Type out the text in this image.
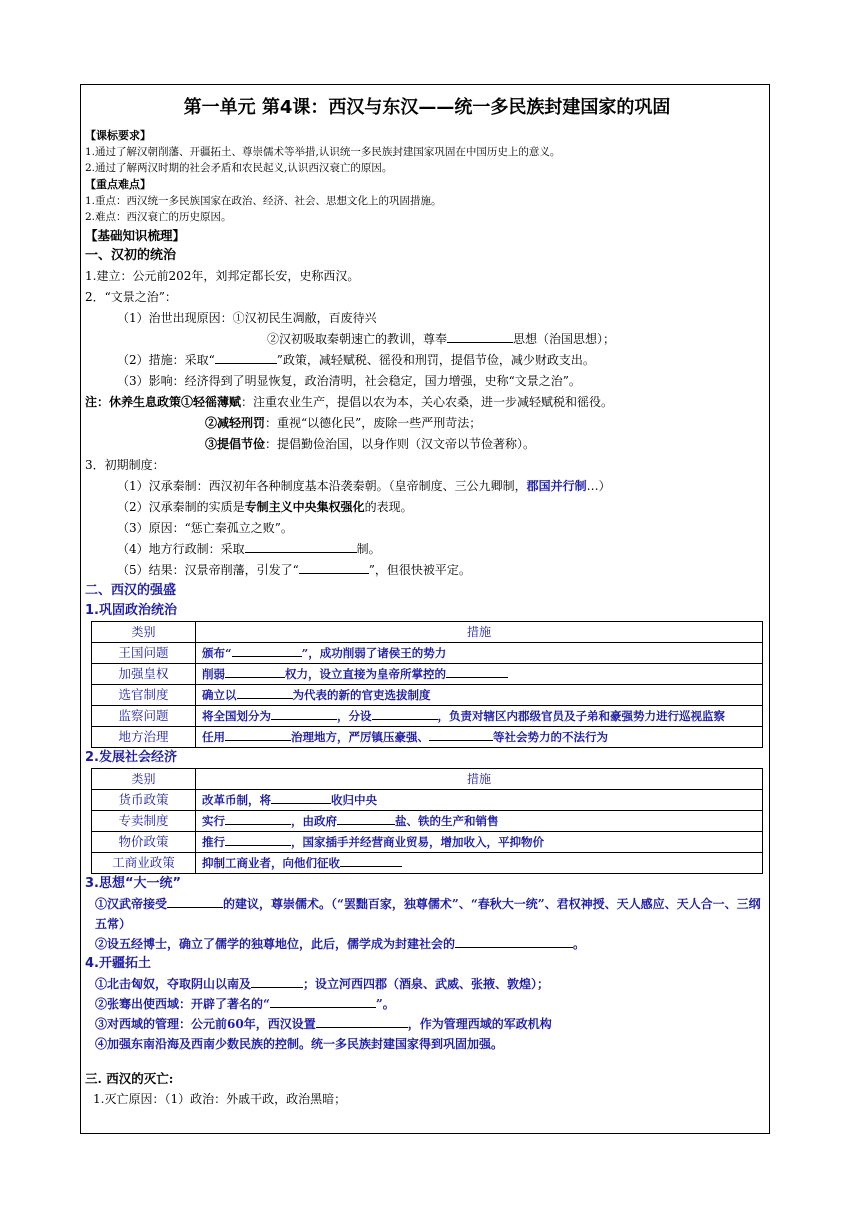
第一单元 第4课：西汉与东汉——统一多民族封建国家的巩固
【课标要求】
1.通过了解汉朝削藩、开疆拓土、尊崇儒术等举措,认识统一多民族封建国家巩固在中国历史上的意义。
2.通过了解两汉时期的社会矛盾和农民起义,认识西汉衰亡的原因。
【重点难点】
1.重点：西汉统一多民族国家在政治、经济、社会、思想文化上的巩固措施。
2.难点：西汉衰亡的历史原因。
【基础知识梳理】
一、汉初的统治
1.建立：公元前202年，刘邦定都长安，史称西汉。
2．“文景之治”：
（1）治世出现原因：①汉初民生凋敝，百废待兴
②汉初吸取秦朝速亡的教训，尊奉	思想（治国思想）；
（2）措施：采取“	”政策，减轻赋税、徭役和刑罚，提倡节俭，减少财政支出。
（3）影响：经济得到了明显恢复，政治清明，社会稳定，国力增强，史称“文景之治”。
注：休养生息政策①轻徭薄赋：注重农业生产，提倡以农为本，关心农桑，进一步减轻赋税和徭役。
②减轻刑罚：重视“以德化民”，废除一些严刑苛法；
③提倡节俭：提倡勤俭治国，以身作则（汉文帝以节俭著称）。
3．初期制度：
（1）汉承秦制：西汉初年各种制度基本沿袭秦朝。（皇帝制度、三公九卿制，郡国并行制…）
（2）汉承秦制的实质是专制主义中央集权强化的表现。
（3）原因：“惩亡秦孤立之败”。
（4）地方行政制：采取	制。
（5）结果：汉景帝削藩，引发了“	”，但很快被平定。
二、西汉的强盛
1.巩固政治统治
类别	措施
王国问题	颁布“ ”，成功削弱了诸侯王的势力
加强皇权	削弱 权力，设立直接为皇帝所掌控的
选官制度	确立以 为代表的新的官吏选拔制度
监察问题	将全国划分为 ，分设 ，负责对辖区内郡级官员及子弟和豪强势力进行巡视监察
地方治理	任用 治理地方，严厉镇压豪强、 等社会势力的不法行为
2.发展社会经济
类别	措施
货币政策	改革币制，将 收归中央
专卖制度	实行 ，由政府 盐、铁的生产和销售
物价政策	推行 ，国家插手并经营商业贸易，增加收入，平抑物价
工商业政策	抑制工商业者，向他们征收
3.思想“大一统”
①汉武帝接受	的建议，尊崇儒术。（“罢黜百家，独尊儒术”、“春秋大一统”、君权神授、天人感应、天人合一、三纲五常）
②设五经博士，确立了儒学的独尊地位，此后，儒学成为封建社会的	。
4.开疆拓土
①北击匈奴，夺取阴山以南及	；设立河西四郡（酒泉、武威、张掖、敦煌）；
②张骞出使西域：开辟了著名的“	”。
③对西域的管理：公元前60年，西汉设置	，作为管理西域的军政机构
④加强东南沿海及西南少数民族的控制。统一多民族封建国家得到巩固加强。
三. 西汉的灭亡:
1.灭亡原因：（1）政治：外戚干政，政治黑暗；
